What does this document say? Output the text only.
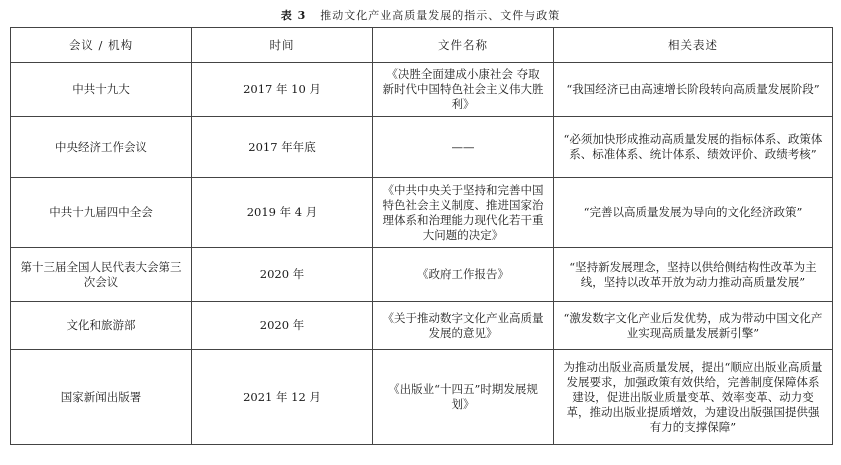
表 3 推动文化产业高质量发展的指示、文件与政策
会议 / 机构	时间	文件名称	相关表述
中共十九大	2017 年 10 月	《决胜全面建成小康社会 夺取新时代中国特色社会主义伟大胜利》	“我国经济已由高速增长阶段转向高质量发展阶段”
中央经济工作会议	2017 年年底	——	“必须加快形成推动高质量发展的指标体系、政策体系、标准体系、统计体系、绩效评价、政绩考核”
中共十九届四中全会	2019 年 4 月	《中共中央关于坚持和完善中国特色社会主义制度、推进国家治理体系和治理能力现代化若干重大问题的决定》	“完善以高质量发展为导向的文化经济政策”
第十三届全国人民代表大会第三次会议	2020 年	《政府工作报告》	“坚持新发展理念，坚持以供给侧结构性改革为主线，坚持以改革开放为动力推动高质量发展”
文化和旅游部	2020 年	《关于推动数字文化产业高质量发展的意见》	“激发数字文化产业后发优势，成为带动中国文化产业实现高质量发展新引擎”
国家新闻出版署	2021 年 12 月	《出版业“十四五”时期发展规划》	为推动出版业高质量发展，提出“顺应出版业高质量发展要求，加强政策有效供给，完善制度保障体系建设，促进出版业质量变革、效率变革、动力变革，推动出版业提质增效，为建设出版强国提供强有力的支撑保障”
